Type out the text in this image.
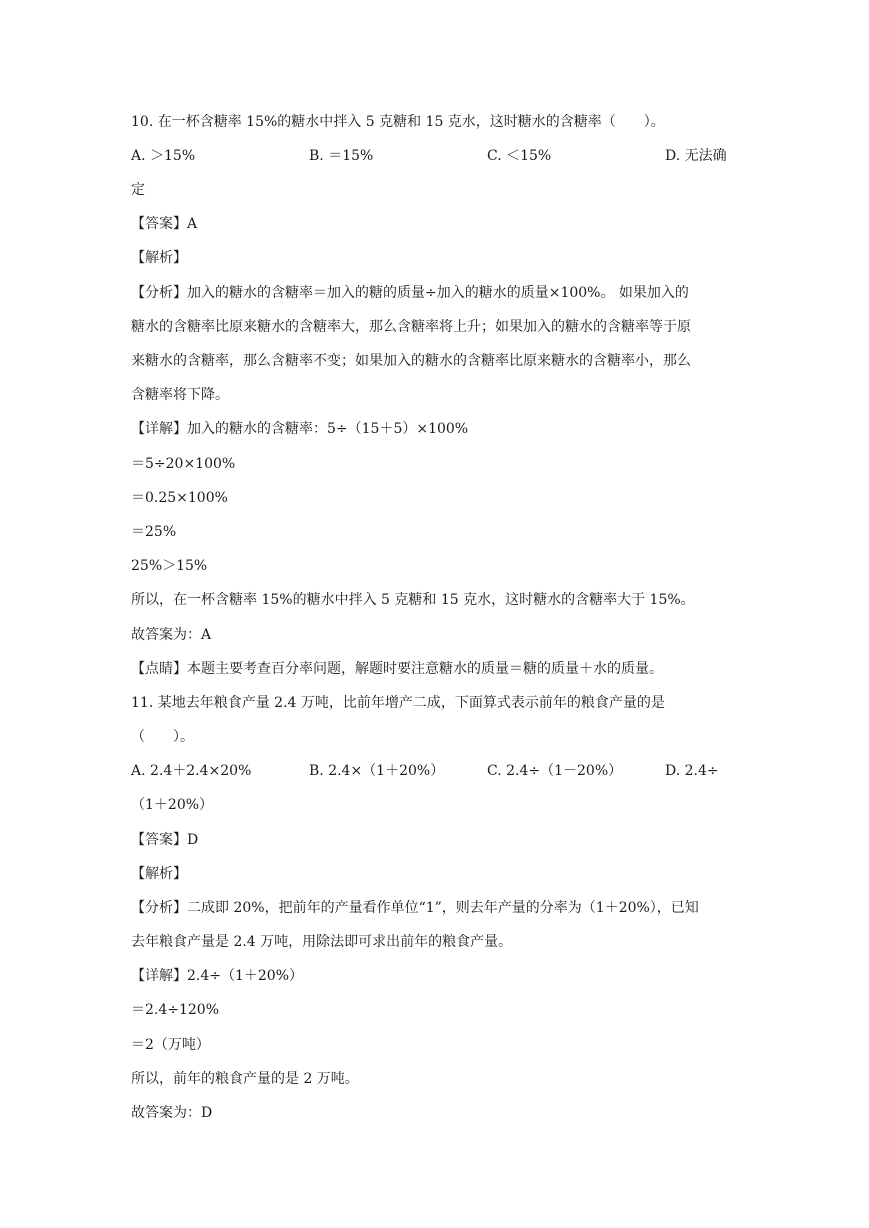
10. 在一杯含糖率 15%的糖水中拌入 5 克糖和 15 克水，这时糖水的含糖率（　　）。
A. ＞15%	B. ＝15%	C. ＜15%	D. 无法确
定
【答案】A
【解析】
【分析】加入的糖水的含糖率＝加入的糖的质量÷加入的糖水的质量×100%。 如果加入的
糖水的含糖率比原来糖水的含糖率大，那么含糖率将上升；如果加入的糖水的含糖率等于原
来糖水的含糖率，那么含糖率不变；如果加入的糖水的含糖率比原来糖水的含糖率小，那么
含糖率将下降。
【详解】加入的糖水的含糖率：5÷（15＋5）×100%
＝5÷20×100%
＝0.25×100%
＝25%
25%＞15%
所以，在一杯含糖率 15%的糖水中拌入 5 克糖和 15 克水，这时糖水的含糖率大于 15%。
故答案为：A
【点睛】本题主要考查百分率问题，解题时要注意糖水的质量＝糖的质量＋水的质量。
11. 某地去年粮食产量 2.4 万吨，比前年增产二成，下面算式表示前年的粮食产量的是
（　　）。
A. 2.4＋2.4×20%	B. 2.4×（1＋20%）	C. 2.4÷（1－20%）	D. 2.4÷
（1＋20%）
【答案】D
【解析】
【分析】二成即 20%，把前年的产量看作单位“1”，则去年产量的分率为（1＋20%），已知
去年粮食产量是 2.4 万吨，用除法即可求出前年的粮食产量。
【详解】2.4÷（1＋20%）
＝2.4÷120%
＝2（万吨）
所以，前年的粮食产量的是 2 万吨。
故答案为：D
